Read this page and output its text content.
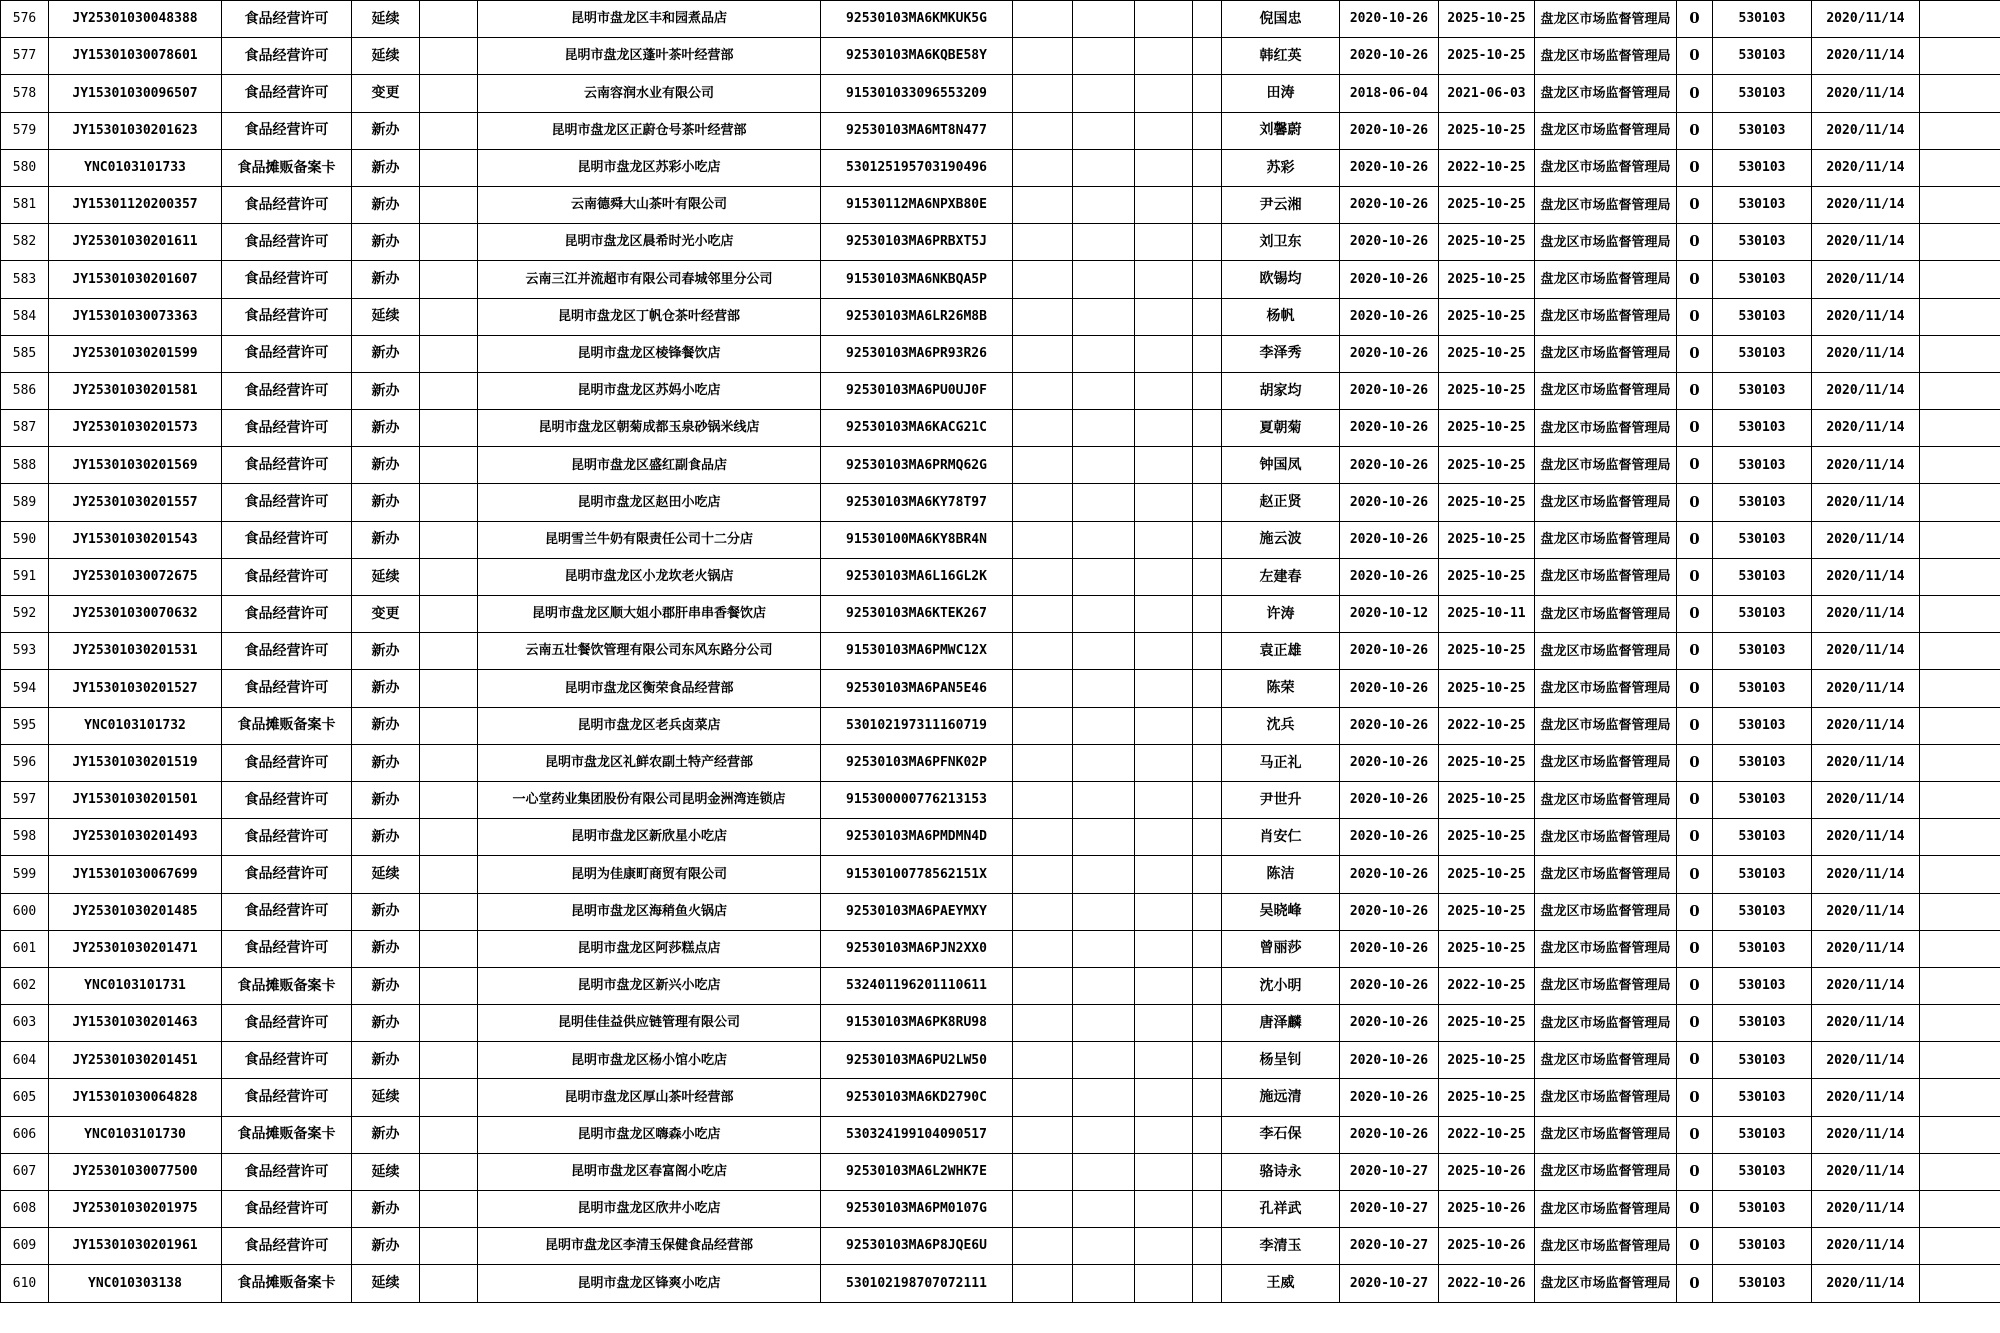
576	JY25301030048388	食品经营许可	延续		昆明市盘龙区丰和园煮品店	92530103MA6KMKUK5G					倪国忠	2020-10-26	2025-10-25	盘龙区市场监督管理局	0	530103	2020/11/14	
577	JY15301030078601	食品经营许可	延续		昆明市盘龙区蓬叶茶叶经营部	92530103MA6KQBE58Y					韩红英	2020-10-26	2025-10-25	盘龙区市场监督管理局	0	530103	2020/11/14	
578	JY15301030096507	食品经营许可	变更		云南容润水业有限公司	915301033096553209					田涛	2018-06-04	2021-06-03	盘龙区市场监督管理局	0	530103	2020/11/14	
579	JY15301030201623	食品经营许可	新办		昆明市盘龙区正蔚仓号茶叶经营部	92530103MA6MT8N477					刘馨蔚	2020-10-26	2025-10-25	盘龙区市场监督管理局	0	530103	2020/11/14	
580	YNC0103101733	食品摊贩备案卡	新办		昆明市盘龙区苏彩小吃店	530125195703190496					苏彩	2020-10-26	2022-10-25	盘龙区市场监督管理局	0	530103	2020/11/14	
581	JY15301120200357	食品经营许可	新办		云南德舜大山茶叶有限公司	91530112MA6NPXB80E					尹云湘	2020-10-26	2025-10-25	盘龙区市场监督管理局	0	530103	2020/11/14	
582	JY25301030201611	食品经营许可	新办		昆明市盘龙区晨希时光小吃店	92530103MA6PRBXT5J					刘卫东	2020-10-26	2025-10-25	盘龙区市场监督管理局	0	530103	2020/11/14	
583	JY15301030201607	食品经营许可	新办		云南三江并流超市有限公司春城邻里分公司	91530103MA6NKBQA5P					欧锡均	2020-10-26	2025-10-25	盘龙区市场监督管理局	0	530103	2020/11/14	
584	JY15301030073363	食品经营许可	延续		昆明市盘龙区丁帆仓茶叶经营部	92530103MA6LR26M8B					杨帆	2020-10-26	2025-10-25	盘龙区市场监督管理局	0	530103	2020/11/14	
585	JY25301030201599	食品经营许可	新办		昆明市盘龙区棱锋餐饮店	92530103MA6PR93R26					李泽秀	2020-10-26	2025-10-25	盘龙区市场监督管理局	0	530103	2020/11/14	
586	JY25301030201581	食品经营许可	新办		昆明市盘龙区苏妈小吃店	92530103MA6PU0UJ0F					胡家均	2020-10-26	2025-10-25	盘龙区市场监督管理局	0	530103	2020/11/14	
587	JY25301030201573	食品经营许可	新办		昆明市盘龙区朝菊成都玉泉砂锅米线店	92530103MA6KACG21C					夏朝菊	2020-10-26	2025-10-25	盘龙区市场监督管理局	0	530103	2020/11/14	
588	JY15301030201569	食品经营许可	新办		昆明市盘龙区盛红副食品店	92530103MA6PRMQ62G					钟国凤	2020-10-26	2025-10-25	盘龙区市场监督管理局	0	530103	2020/11/14	
589	JY25301030201557	食品经营许可	新办		昆明市盘龙区赵田小吃店	92530103MA6KY78T97					赵正贤	2020-10-26	2025-10-25	盘龙区市场监督管理局	0	530103	2020/11/14	
590	JY15301030201543	食品经营许可	新办		昆明雪兰牛奶有限责任公司十二分店	91530100MA6KY8BR4N					施云波	2020-10-26	2025-10-25	盘龙区市场监督管理局	0	530103	2020/11/14	
591	JY25301030072675	食品经营许可	延续		昆明市盘龙区小龙坎老火锅店	92530103MA6L16GL2K					左建春	2020-10-26	2025-10-25	盘龙区市场监督管理局	0	530103	2020/11/14	
592	JY25301030070632	食品经营许可	变更		昆明市盘龙区顺大姐小郡肝串串香餐饮店	92530103MA6KTEK267					许涛	2020-10-12	2025-10-11	盘龙区市场监督管理局	0	530103	2020/11/14	
593	JY25301030201531	食品经营许可	新办		云南五壮餐饮管理有限公司东风东路分公司	91530103MA6PMWC12X					袁正雄	2020-10-26	2025-10-25	盘龙区市场监督管理局	0	530103	2020/11/14	
594	JY15301030201527	食品经营许可	新办		昆明市盘龙区衡荣食品经营部	92530103MA6PAN5E46					陈荣	2020-10-26	2025-10-25	盘龙区市场监督管理局	0	530103	2020/11/14	
595	YNC0103101732	食品摊贩备案卡	新办		昆明市盘龙区老兵卤菜店	530102197311160719					沈兵	2020-10-26	2022-10-25	盘龙区市场监督管理局	0	530103	2020/11/14	
596	JY15301030201519	食品经营许可	新办		昆明市盘龙区礼鲜农副土特产经营部	92530103MA6PFNK02P					马正礼	2020-10-26	2025-10-25	盘龙区市场监督管理局	0	530103	2020/11/14	
597	JY15301030201501	食品经营许可	新办		一心堂药业集团股份有限公司昆明金洲湾连锁店	915300000776213153					尹世升	2020-10-26	2025-10-25	盘龙区市场监督管理局	0	530103	2020/11/14	
598	JY25301030201493	食品经营许可	新办		昆明市盘龙区新欣星小吃店	92530103MA6PMDMN4D					肖安仁	2020-10-26	2025-10-25	盘龙区市场监督管理局	0	530103	2020/11/14	
599	JY15301030067699	食品经营许可	延续		昆明为佳康町商贸有限公司	91530100778562151X					陈洁	2020-10-26	2025-10-25	盘龙区市场监督管理局	0	530103	2020/11/14	
600	JY25301030201485	食品经营许可	新办		昆明市盘龙区海稍鱼火锅店	92530103MA6PAEYMXY					吴晓峰	2020-10-26	2025-10-25	盘龙区市场监督管理局	0	530103	2020/11/14	
601	JY25301030201471	食品经营许可	新办		昆明市盘龙区阿莎糕点店	92530103MA6PJN2XX0					曾丽莎	2020-10-26	2025-10-25	盘龙区市场监督管理局	0	530103	2020/11/14	
602	YNC0103101731	食品摊贩备案卡	新办		昆明市盘龙区新兴小吃店	532401196201110611					沈小明	2020-10-26	2022-10-25	盘龙区市场监督管理局	0	530103	2020/11/14	
603	JY15301030201463	食品经营许可	新办		昆明佳佳益供应链管理有限公司	91530103MA6PK8RU98					唐泽麟	2020-10-26	2025-10-25	盘龙区市场监督管理局	0	530103	2020/11/14	
604	JY25301030201451	食品经营许可	新办		昆明市盘龙区杨小馆小吃店	92530103MA6PU2LW50					杨呈钊	2020-10-26	2025-10-25	盘龙区市场监督管理局	0	530103	2020/11/14	
605	JY15301030064828	食品经营许可	延续		昆明市盘龙区厚山茶叶经营部	92530103MA6KD2790C					施远清	2020-10-26	2025-10-25	盘龙区市场监督管理局	0	530103	2020/11/14	
606	YNC0103101730	食品摊贩备案卡	新办		昆明市盘龙区嗨森小吃店	530324199104090517					李石保	2020-10-26	2022-10-25	盘龙区市场监督管理局	0	530103	2020/11/14	
607	JY25301030077500	食品经营许可	延续		昆明市盘龙区春富阁小吃店	92530103MA6L2WHK7E					骆诗永	2020-10-27	2025-10-26	盘龙区市场监督管理局	0	530103	2020/11/14	
608	JY25301030201975	食品经营许可	新办		昆明市盘龙区欣井小吃店	92530103MA6PM0107G					孔祥武	2020-10-27	2025-10-26	盘龙区市场监督管理局	0	530103	2020/11/14	
609	JY15301030201961	食品经营许可	新办		昆明市盘龙区李清玉保健食品经营部	92530103MA6P8JQE6U					李清玉	2020-10-27	2025-10-26	盘龙区市场监督管理局	0	530103	2020/11/14	
610	YNC010303138	食品摊贩备案卡	延续		昆明市盘龙区锋爽小吃店	530102198707072111					王威	2020-10-27	2022-10-26	盘龙区市场监督管理局	0	530103	2020/11/14	
